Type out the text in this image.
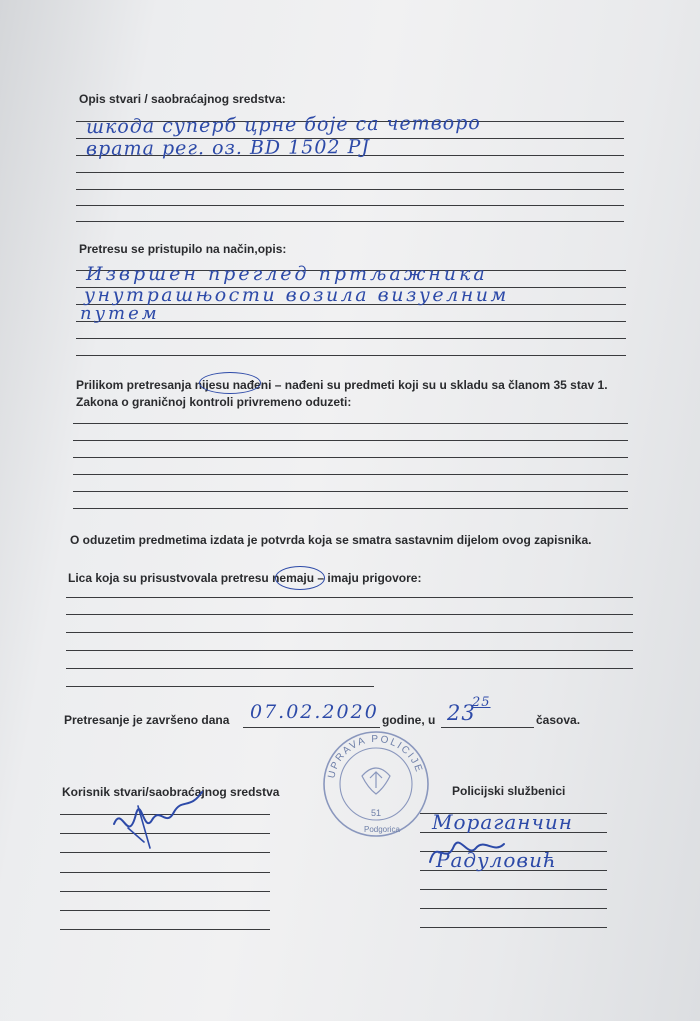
Opis stvari / saobraćajnog sredstva:
шкода суперб црне боје са четворо
врата рег. oз. BD 1502 PJ
Pretresu se pristupilo na način,opis:
Извршен преглед пртљажника
унутрашњости возила визуелним
путем
Prilikom pretresanja nijesu nađeni – nađeni su predmeti koji su u skladu sa članom 35 stav 1.
Zakona o graničnoj kontroli privremeno oduzeti:
O oduzetim predmetima izdata je potvrda koja se smatra sastavnim dijelom ovog zapisnika.
Lica koja su prisustvovala pretresu nemaju – imaju prigovore:
Pretresanje je završeno dana 07.02.2020 godine, u 23
25
časova.
UPRAVA POLICIJE
51
Podgorica
Korisnik stvari/saobraćajnog sredstva	Policijski službenici
Мораганчин
Радуловић
